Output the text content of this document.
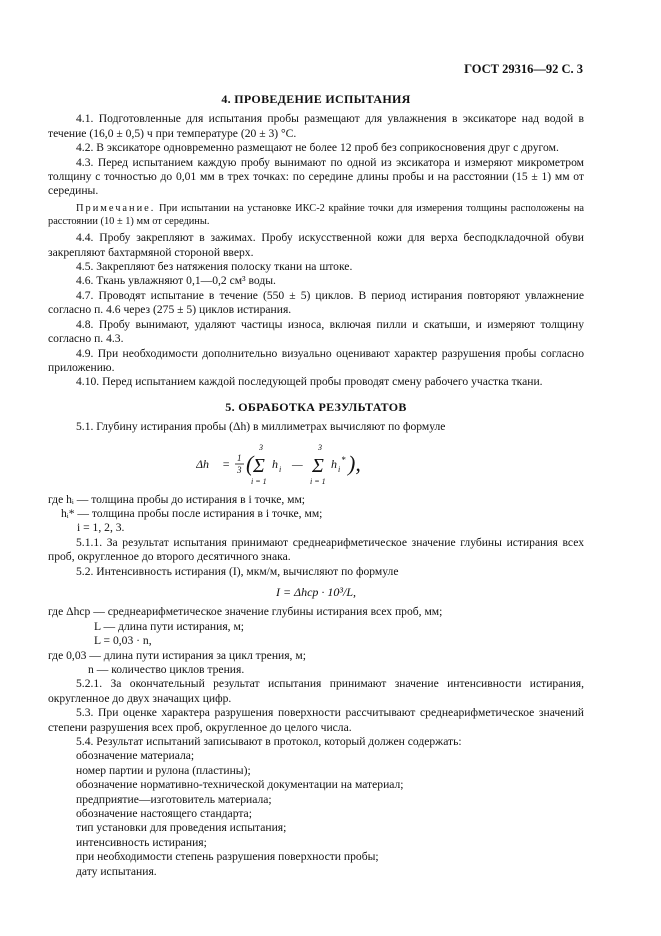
ГОСТ 29316—92 С. 3
4. ПРОВЕДЕНИЕ ИСПЫТАНИЯ

4.1. Подготовленные для испытания пробы размещают для увлажнения в эксикаторе над водой в течение (16,0 ± 0,5) ч при температуре (20 ± 3) °С.

4.2. В эксикаторе одновременно размещают не более 12 проб без соприкосновения друг с другом.

4.3. Перед испытанием каждую пробу вынимают по одной из эксикатора и измеряют микрометром толщину с точностью до 0,01 мм в трех точках: по середине длины пробы и на расстоянии (15 ± 1) мм от середины.

Примечание. При испытании на установке ИКС-2 крайние точки для измерения толщины расположены на расстоянии (10 ± 1) мм от середины.

4.4. Пробу закрепляют в зажимах. Пробу искусственной кожи для верха бесподкладочной обуви закрепляют бахтармяной стороной вверх.

4.5. Закрепляют без натяжения полоску ткани на штоке.

4.6. Ткань увлажняют 0,1—0,2 см³ воды.

4.7. Проводят испытание в течение (550 ± 5) циклов. В период истирания повторяют увлажнение согласно п. 4.6 через (275 ± 5) циклов истирания.

4.8. Пробу вынимают, удаляют частицы износа, включая пилли и скатыши, и измеряют толщину согласно п. 4.3.

4.9. При необходимости дополнительно визуально оценивают характер разрушения пробы согласно приложению.

4.10. Перед испытанием каждой последующей пробы проводят смену рабочего участка ткани.

5. ОБРАБОТКА РЕЗУЛЬТАТОВ

5.1. Глубину истирания пробы (Δh) в миллиметрах вычисляют по формуле

Δh = 1
3 (
3
Σ
i = 1
h i —
3
Σ
i = 1
h i
* ),

где hᵢ — толщина пробы до истирания в i точке, мм;

hᵢ* — толщина пробы после истирания в i точке, мм;

i = 1, 2, 3.

5.1.1. За результат испытания принимают среднеарифметическое значение глубины истирания всех проб, округленное до второго десятичного знака.

5.2. Интенсивность истирания (I), мкм/м, вычисляют по формуле

I = Δhср · 10³/L,

где Δhср — среднеарифметическое значение глубины истирания всех проб, мм;

L — длина пути истирания, м;

L = 0,03 · n,

где 0,03 — длина пути истирания за цикл трения, м;

n — количество циклов трения.

5.2.1. За окончательный результат испытания принимают значение интенсивности истирания, округленное до двух значащих цифр.

5.3. При оценке характера разрушения поверхности рассчитывают среднеарифметическое значений степени разрушения всех проб, округленное до целого числа.

5.4. Результат испытаний записывают в протокол, который должен содержать:

обозначение материала;

номер партии и рулона (пластины);

обозначение нормативно-технической документации на материал;

предприятие—изготовитель материала;

обозначение настоящего стандарта;

тип установки для проведения испытания;

интенсивность истирания;

при необходимости степень разрушения поверхности пробы;

дату испытания.
